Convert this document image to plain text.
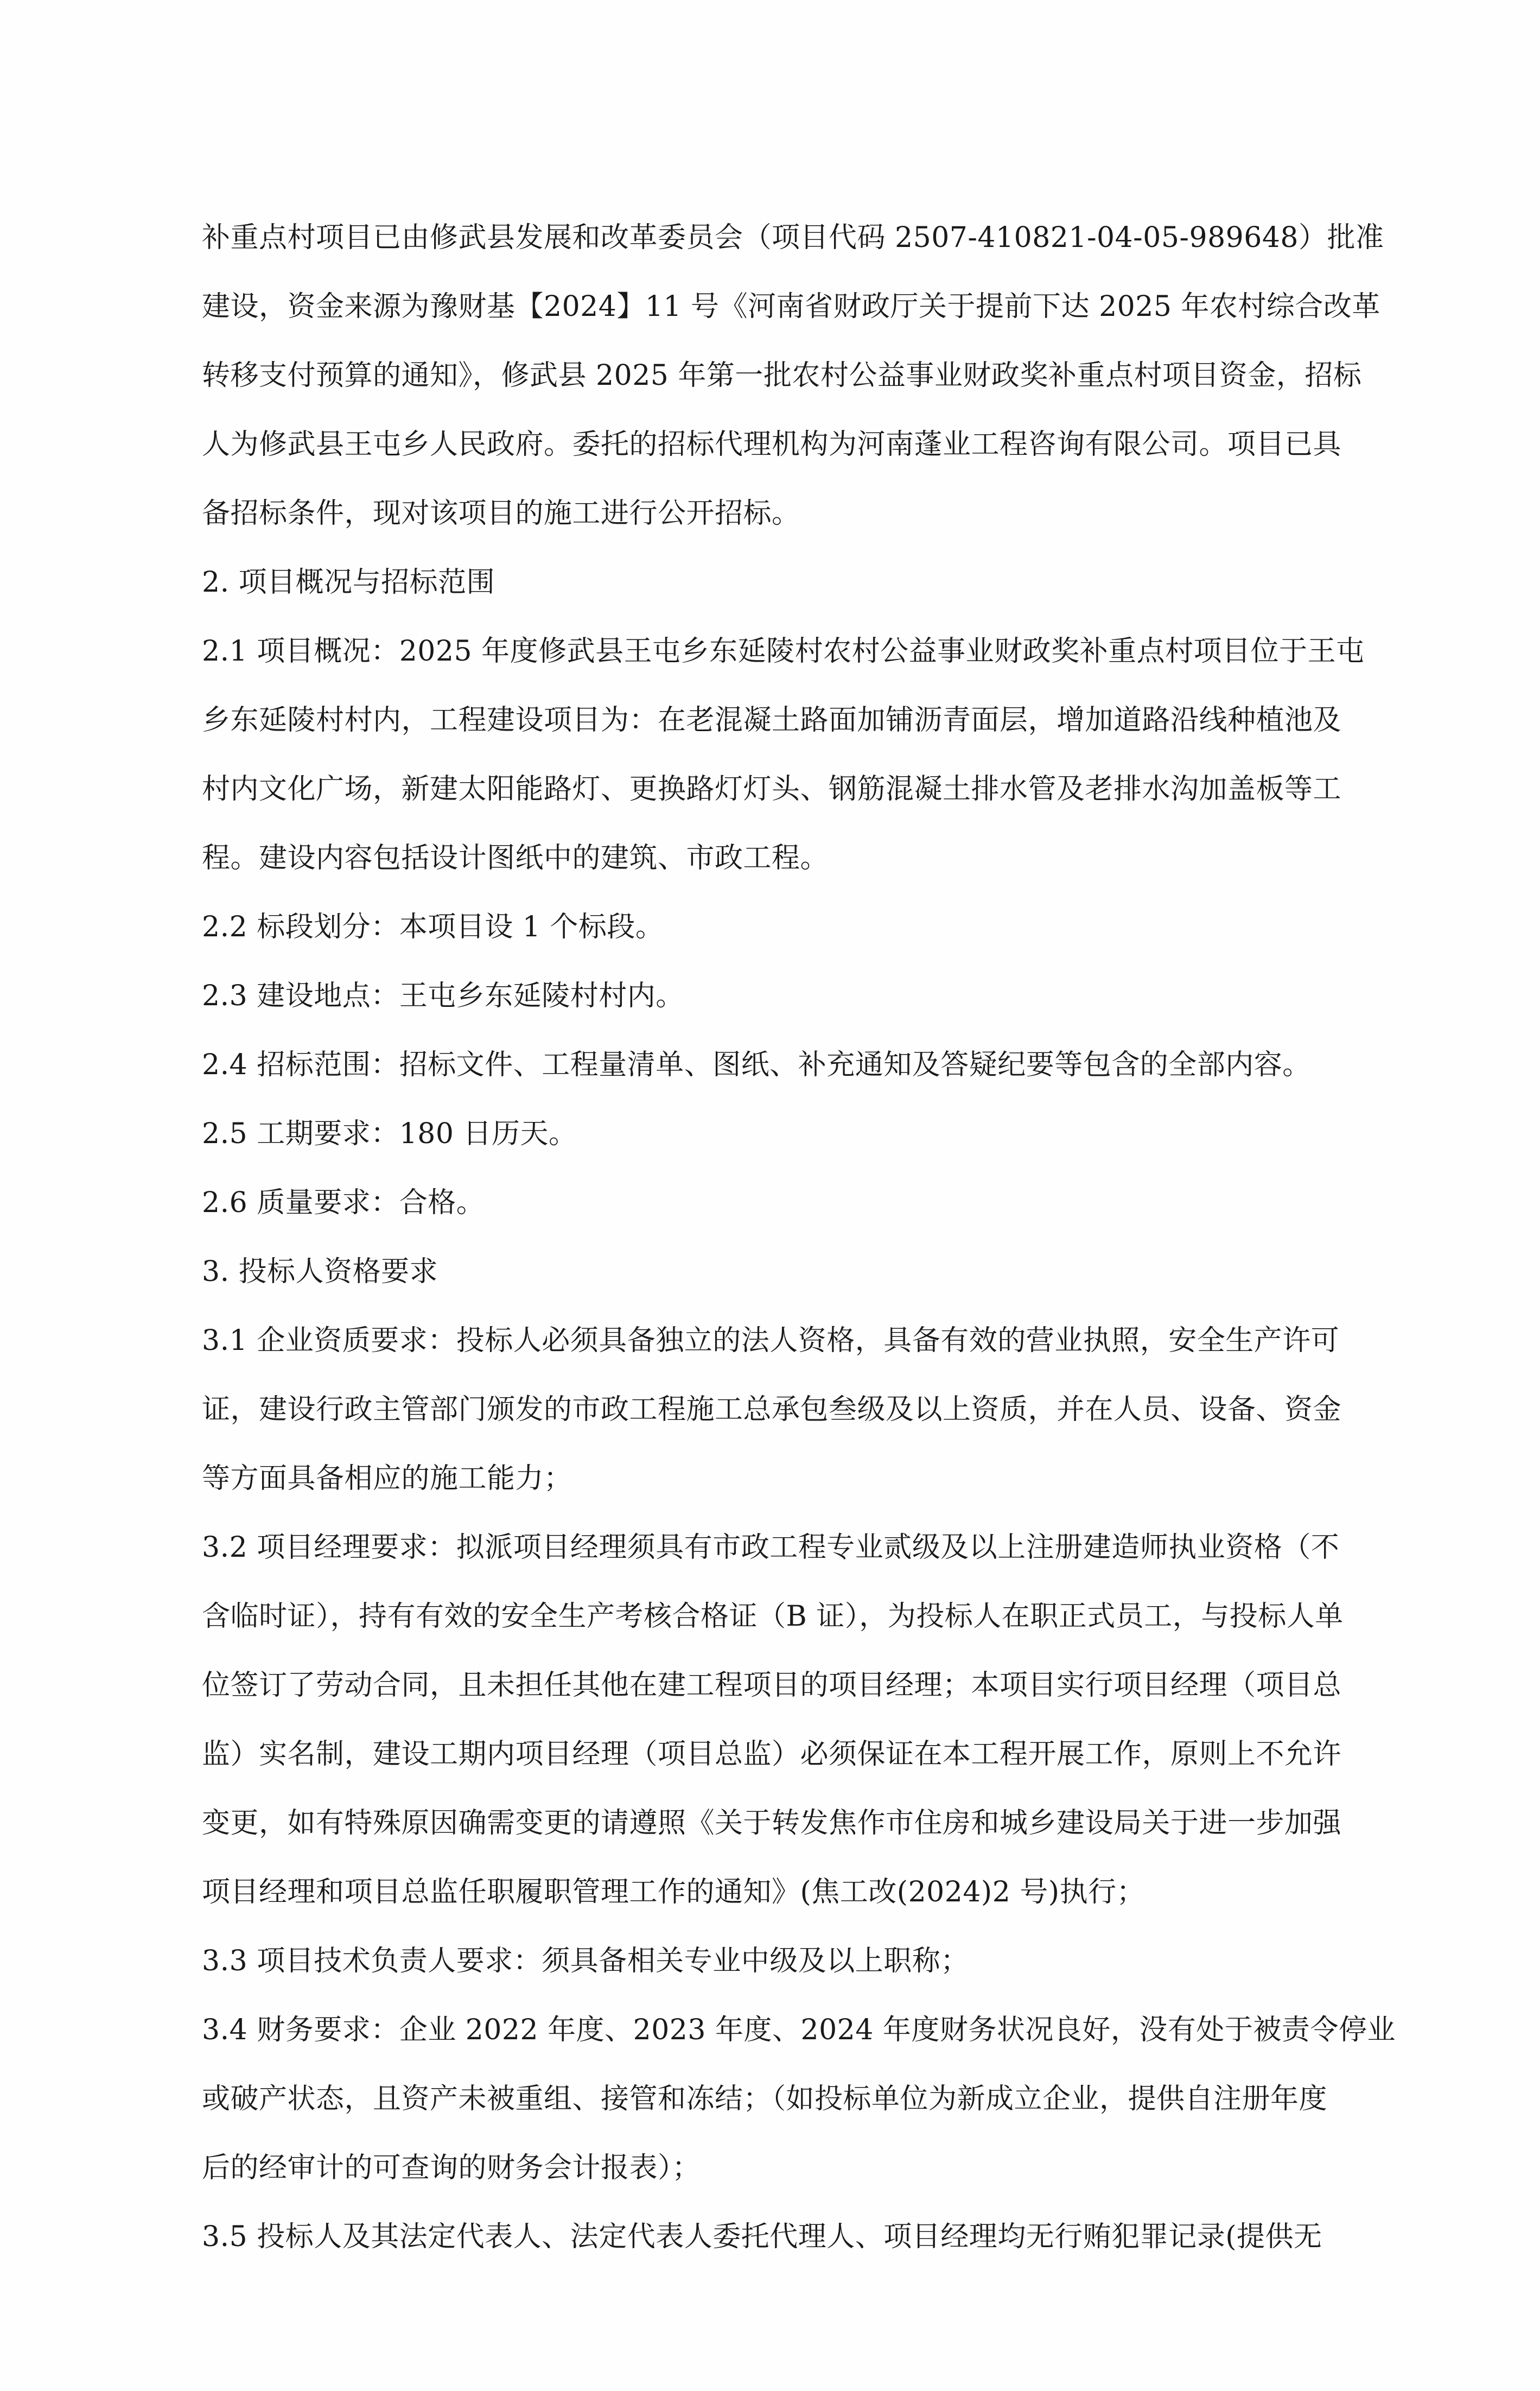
补重点村项目已由修武县发展和改革委员会（项目代码 2507-410821-04-05-989648）批准
建设，资金来源为豫财基【2024】11 号《河南省财政厅关于提前下达 2025 年农村综合改革
转移支付预算的通知》，修武县 2025 年第一批农村公益事业财政奖补重点村项目资金，招标
人为修武县王屯乡人民政府。委托的招标代理机构为河南蓬业工程咨询有限公司。项目已具
备招标条件，现对该项目的施工进行公开招标。
2. 项目概况与招标范围
2.1 项目概况：2025 年度修武县王屯乡东延陵村农村公益事业财政奖补重点村项目位于王屯
乡东延陵村村内，工程建设项目为：在老混凝土路面加铺沥青面层，增加道路沿线种植池及
村内文化广场，新建太阳能路灯、更换路灯灯头、钢筋混凝土排水管及老排水沟加盖板等工
程。建设内容包括设计图纸中的建筑、市政工程。
2.2 标段划分：本项目设 1 个标段。
2.3 建设地点：王屯乡东延陵村村内。
2.4 招标范围：招标文件、工程量清单、图纸、补充通知及答疑纪要等包含的全部内容。
2.5 工期要求：180 日历天。
2.6 质量要求：合格。
3. 投标人资格要求
3.1 企业资质要求：投标人必须具备独立的法人资格，具备有效的营业执照，安全生产许可
证，建设行政主管部门颁发的市政工程施工总承包叁级及以上资质，并在人员、设备、资金
等方面具备相应的施工能力；
3.2 项目经理要求：拟派项目经理须具有市政工程专业贰级及以上注册建造师执业资格（不
含临时证），持有有效的安全生产考核合格证（B 证），为投标人在职正式员工，与投标人单
位签订了劳动合同，且未担任其他在建工程项目的项目经理；本项目实行项目经理（项目总
监）实名制，建设工期内项目经理（项目总监）必须保证在本工程开展工作，原则上不允许
变更，如有特殊原因确需变更的请遵照《关于转发焦作市住房和城乡建设局关于进一步加强
项目经理和项目总监任职履职管理工作的通知》(焦工改(2024)2 号)执行；
3.3 项目技术负责人要求：须具备相关专业中级及以上职称；
3.4 财务要求：企业 2022 年度、2023 年度、2024 年度财务状况良好，没有处于被责令停业
或破产状态，且资产未被重组、接管和冻结；（如投标单位为新成立企业，提供自注册年度
后的经审计的可查询的财务会计报表）；
3.5 投标人及其法定代表人、法定代表人委托代理人、项目经理均无行贿犯罪记录(提供无
